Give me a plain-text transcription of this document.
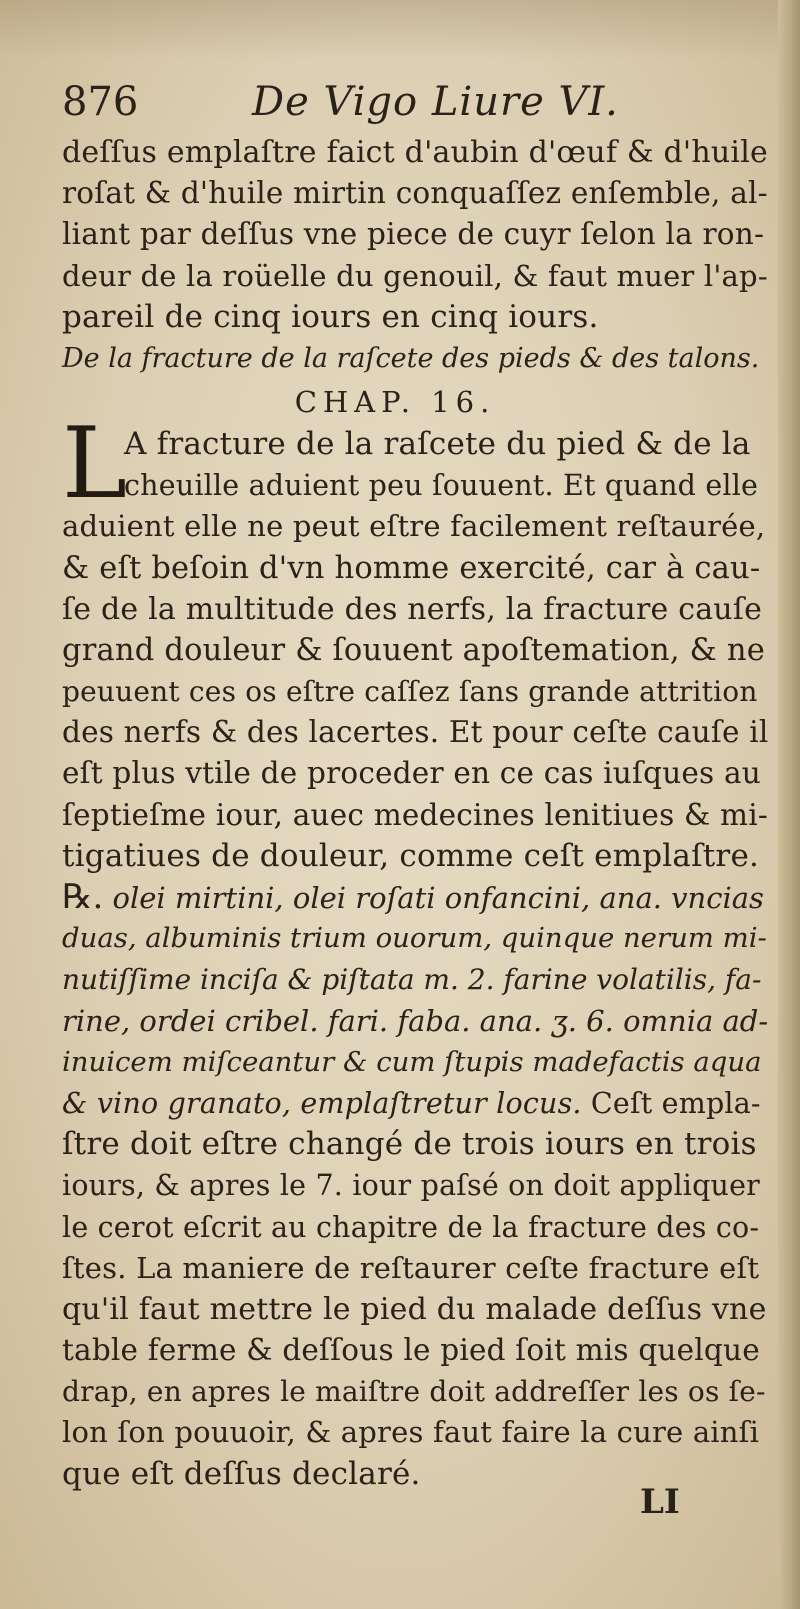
876	De Vigo Liure VI.
deſſus emplaſtre faict d'aubin d'œuf & d'huile
roſat & d'huile mirtin conquaſſez enſemble, al-
liant par deſſus vne piece de cuyr ſelon la ron-
deur de la roüelle du genouil, & faut muer l'ap-
pareil de cinq iours en cinq iours.
De la fracture de la raſcete des pieds & des talons.
CHAP. 16.
L
A fracture de la raſcete du pied & de la
cheuille aduient peu ſouuent. Et quand elle
aduient elle ne peut eſtre facilement reſtaurée,
& eſt beſoin d'vn homme exercité, car à cau-
ſe de la multitude des nerfs, la fracture cauſe
grand douleur & ſouuent apoſtemation, & ne
peuuent ces os eſtre caſſez ſans grande attrition
des nerfs & des lacertes. Et pour ceſte cauſe il
eſt plus vtile de proceder en ce cas iuſques au
ſeptieſme iour, auec medecines lenitiues & mi-
tigatiues de douleur, comme ceſt emplaſtre.
℞. olei mirtini, olei roſati onfancini, ana. vncias
duas, albuminis trium ouorum, quinque nerum mi-
nutiſſime inciſa & piſtata m. 2. farine volatilis, fa-
rine, ordei cribel. fari. faba. ana. ʒ. 6. omnia ad-
inuicem miſceantur & cum ſtupis madefactis aqua
& vino granato, emplaſtretur locus. Ceſt empla-
ſtre doit eſtre changé de trois iours en trois
iours, & apres le 7. iour paſsé on doit appliquer
le cerot eſcrit au chapitre de la fracture des co-
ſtes. La maniere de reſtaurer ceſte fracture eſt
qu'il faut mettre le pied du malade deſſus vne
table ferme & deſſous le pied ſoit mis quelque
drap, en apres le maiſtre doit addreſſer les os ſe-
lon ſon pouuoir, & apres faut faire la cure ainſi
que eſt deſſus declaré.
LI
